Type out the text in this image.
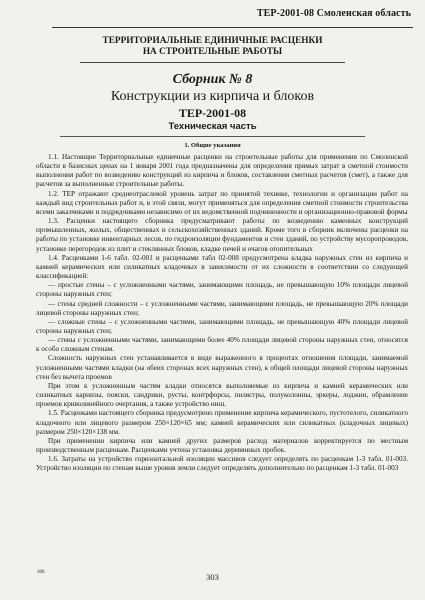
ТЕР-2001-08 Смоленская область
ТЕРРИТОРИАЛЬНЫЕ ЕДИНИЧНЫЕ РАСЦЕНКИ
НА СТРОИТЕЛЬНЫЕ РАБОТЫ
Сборник № 8
Конструкции из кирпича и блоков
ТЕР-2001-08
Техническая часть
1. Общие указания

1.1. Настоящие Территориальные единичные расценки на строительные работы для применения по Смоленской области в базисных ценах на 1 января 2001 года предназначены для определения прямых затрат в сметной стоимости выполнения работ по возведению конструкций из кирпича и блоков, составления сметных расчетов (смет), а также для расчетов за выполненные строительные работы.

1.2. ТЕР отражают среднеотраслевой уровень затрат по принятой технике, технологии и организации работ на каждый вид строительных работ и, в этой связи, могут применяться для определения сметной стоимости строительства всеми заказчиками и подрядчиками независимо от их ведомственной подчиненности и организационно-правовой формы

1.3. Расценки настоящего сборника предусматривают работы по возведению каменных конструкций промышленных, жилых, общественных и сельскохозяйственных зданий. Кроме того в сборник включены расценки на работы по установке инвентарных лесов, по гидроизоляции фундаментов и стен зданий, по устройству мусоропроводов, установке перегородок из плит и стеклянных блоков, кладке печей и очагов отопительных

1.4. Расценками 1-6 табл. 02-001 и расценками табл 02-008 предусмотрена кладка наружных стен из кирпича и камней керамических или силикатных кладочных в зависимости от их сложности в соответствии со следующей классификацией:

— простые стены – с усложненными частями, занимающими площадь, не превышающую 10% площади лицевой стороны наружных стен;

— стены средней сложности – с усложненными частями, занимающими площадь, не превышающую 20% площади лицевой стороны наружных стен;

— сложные стены – с усложненными частями, занимающими площадь, не превышающую 40% площади лицевой стороны наружных стен;

— стены с усложненными частями, занимающими более 40% площади лицевой стороны наружных стен, относятся к особо сложным стенам.

Сложность наружных стен устанавливается в виде выраженного в процентах отношения площади, занимаемой усложненными частями кладки (на обеих сторонах всех наружных стен), к общей площади лицевой стороны наружных стен без вычета проемов

При этом к усложненным частям кладки относятся выполняемые из кирпича и камней керамических или силикатных карнизы, пояски, сандрики, русты, контрфорсы, пилястры, полуколонны, эркеры, лоджии, обрамление проемов криволинейного очертания, а также устройство ниш.

1.5. Расценками настоящего сборника предусмотрено применение кирпича керамического, пустотелого, силикатного кладочного или лицевого размером 250×120×65 мм; камней керамических или силикатных (кладочных лицевых) размером 250×120×138 мм.

При применении кирпича или камней других размеров расход материалов корректируется по местным производственным расценкам. Расценками учтена установка деревянных пробок.

1.6. Затраты на устройство горизонтальной изоляции массивов следует определять по расценкам 1-3 табл. 01-003. Устройство изоляции по стенам выше уровня земли следует определять дополнительно по расценкам 1-3 табл. 01-003

306	303
